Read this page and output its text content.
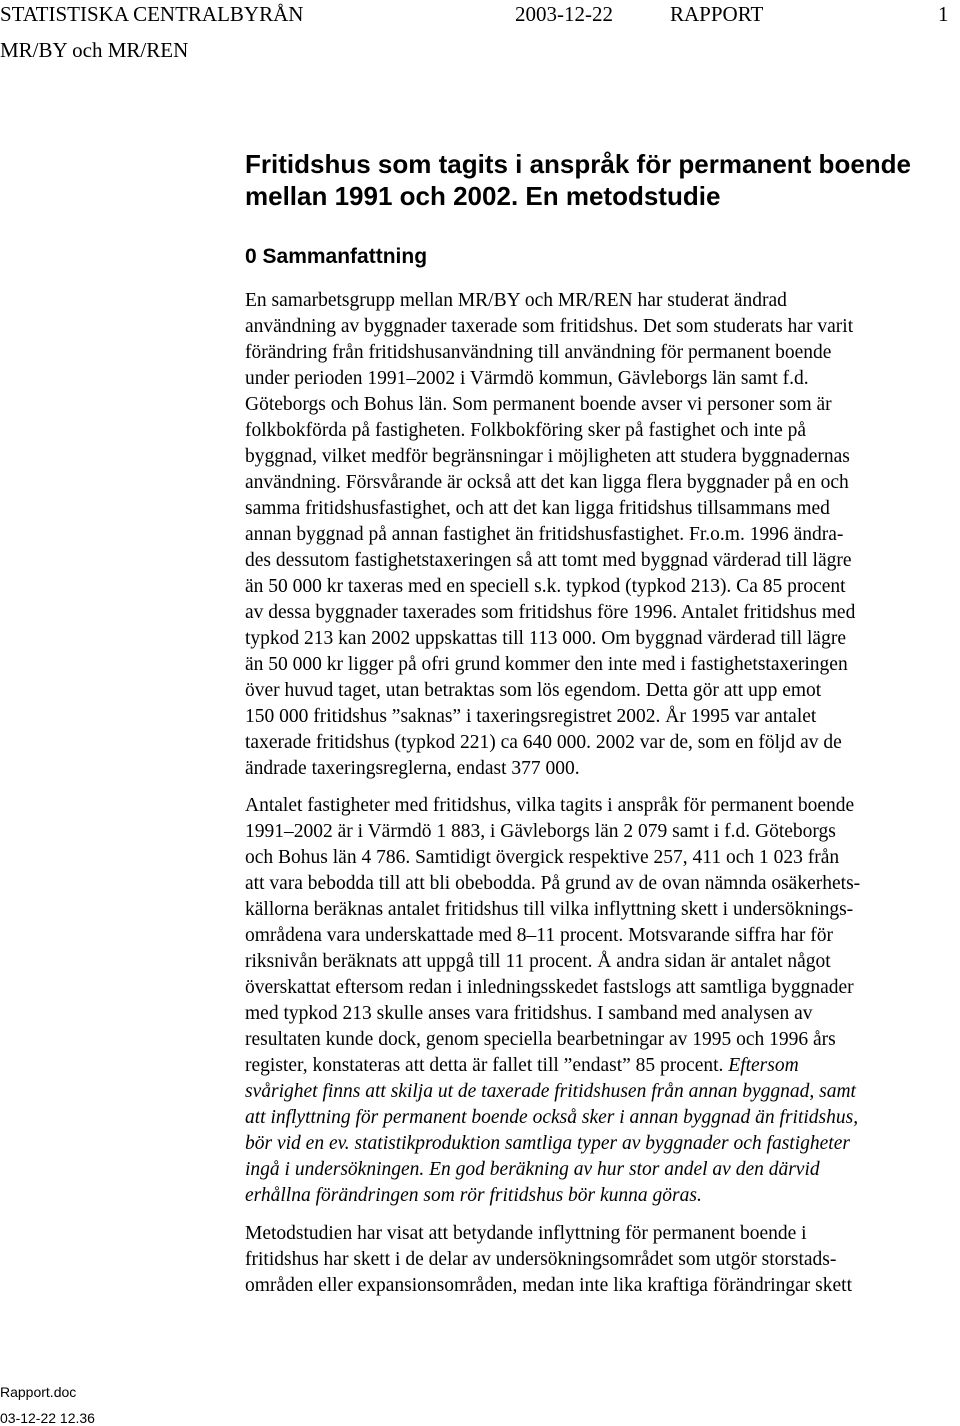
STATISTISKA CENTRALBYRÅN	2003-12-22	RAPPORT	1
MR/BY och MR/REN
Fritidshus som tagits i anspråk för permanent boende
mellan 1991 och 2002. En metodstudie
0 Sammanfattning
En samarbetsgrupp mellan MR/BY och MR/REN har studerat ändrad
användning av byggnader taxerade som fritidshus. Det som studerats har varit
förändring från fritidshusanvändning till användning för permanent boende
under perioden 1991–2002 i Värmdö kommun, Gävleborgs län samt f.d.
Göteborgs och Bohus län. Som permanent boende avser vi personer som är
folkbokförda på fastigheten. Folkbokföring sker på fastighet och inte på
byggnad, vilket medför begränsningar i möjligheten att studera byggnadernas
användning. Försvårande är också att det kan ligga flera byggnader på en och
samma fritidshusfastighet, och att det kan ligga fritidshus tillsammans med
annan byggnad på annan fastighet än fritidshusfastighet. Fr.o.m. 1996 ändra-
des dessutom fastighetstaxeringen så att tomt med byggnad värderad till lägre
än 50 000 kr taxeras med en speciell s.k. typkod (typkod 213). Ca 85 procent
av dessa byggnader taxerades som fritidshus före 1996. Antalet fritidshus med
typkod 213 kan 2002 uppskattas till 113 000. Om byggnad värderad till lägre
än 50 000 kr ligger på ofri grund kommer den inte med i fastighetstaxeringen
över huvud taget, utan betraktas som lös egendom. Detta gör att upp emot
150 000 fritidshus ”saknas” i taxeringsregistret 2002. År 1995 var antalet
taxerade fritidshus (typkod 221) ca 640 000. 2002 var de, som en följd av de
ändrade taxeringsreglerna, endast 377 000.
Antalet fastigheter med fritidshus, vilka tagits i anspråk för permanent boende
1991–2002 är i Värmdö 1 883, i Gävleborgs län 2 079 samt i f.d. Göteborgs
och Bohus län 4 786. Samtidigt övergick respektive 257, 411 och 1 023 från
att vara bebodda till att bli obebodda. På grund av de ovan nämnda osäkerhets-
källorna beräknas antalet fritidshus till vilka inflyttning skett i undersöknings-
områdena vara underskattade med 8–11 procent. Motsvarande siffra har för
riksnivån beräknats att uppgå till 11 procent. Å andra sidan är antalet något
överskattat eftersom redan i inledningsskedet fastslogs att samtliga byggnader
med typkod 213 skulle anses vara fritidshus. I samband med analysen av
resultaten kunde dock, genom speciella bearbetningar av 1995 och 1996 års
register, konstateras att detta är fallet till ”endast” 85 procent. Eftersom
svårighet finns att skilja ut de taxerade fritidshusen från annan byggnad, samt
att inflyttning för permanent boende också sker i annan byggnad än fritidshus,
bör vid en ev. statistikproduktion samtliga typer av byggnader och fastigheter
ingå i undersökningen. En god beräkning av hur stor andel av den därvid
erhållna förändringen som rör fritidshus bör kunna göras.
Metodstudien har visat att betydande inflyttning för permanent boende i
fritidshus har skett i de delar av undersökningsområdet som utgör storstads-
områden eller expansionsområden, medan inte lika kraftiga förändringar skett
Rapport.doc
03-12-22 12.36
